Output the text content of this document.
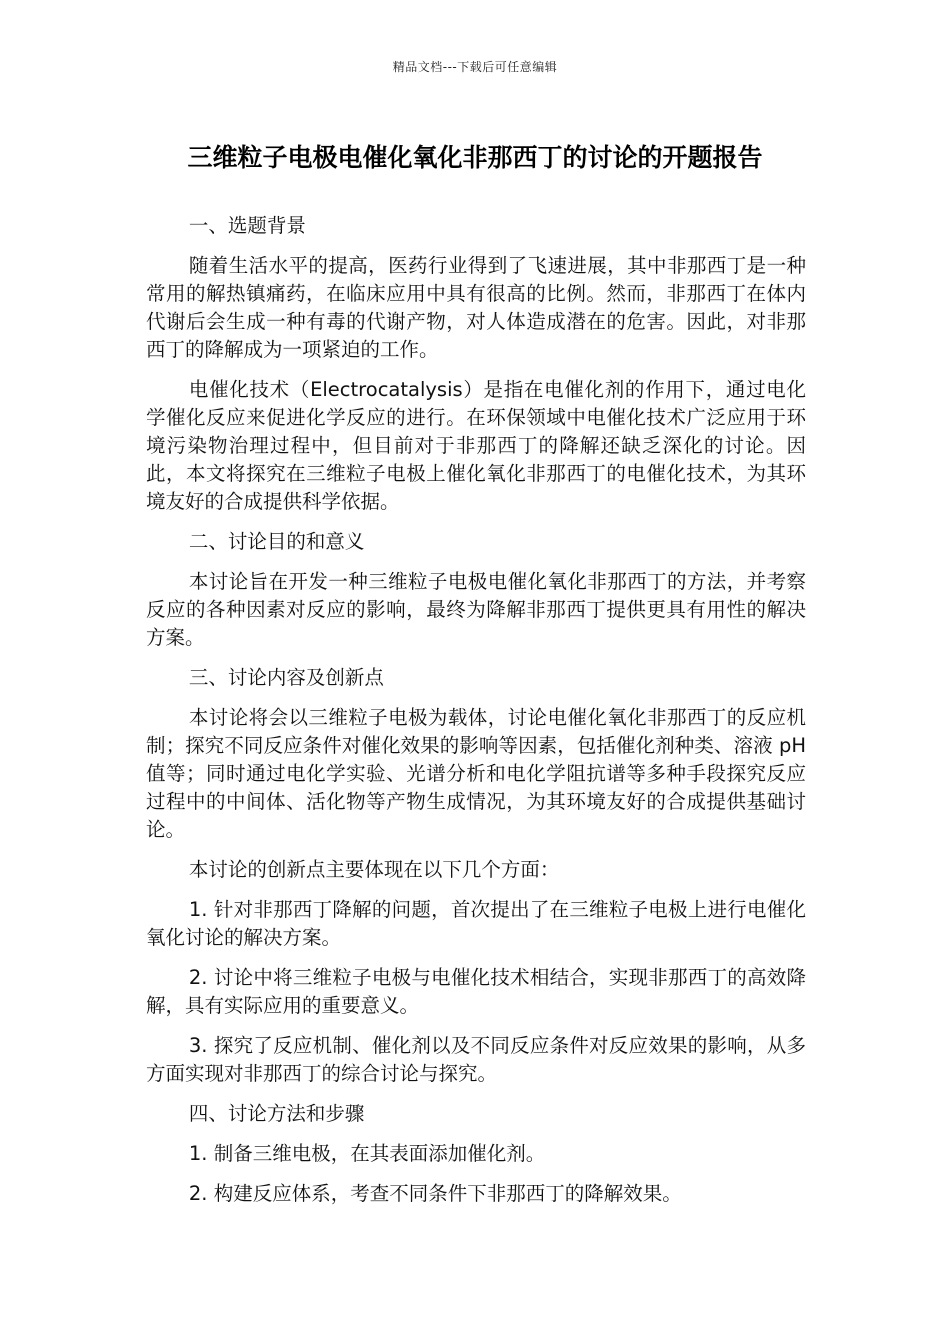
精品文档---下载后可任意编辑
三维粒子电极电催化氧化非那西丁的讨论的开题报告

一、选题背景

随着生活水平的提高，医药行业得到了飞速进展，其中非那西丁是一种常用的解热镇痛药，在临床应用中具有很高的比例。然而，非那西丁在体内代谢后会生成一种有毒的代谢产物，对人体造成潜在的危害。因此，对非那西丁的降解成为一项紧迫的工作。

电催化技术（Electrocatalysis）是指在电催化剂的作用下，通过电化学催化反应来促进化学反应的进行。在环保领域中电催化技术广泛应用于环境污染物治理过程中，但目前对于非那西丁的降解还缺乏深化的讨论。因此，本文将探究在三维粒子电极上催化氧化非那西丁的电催化技术，为其环境友好的合成提供科学依据。

二、讨论目的和意义

本讨论旨在开发一种三维粒子电极电催化氧化非那西丁的方法，并考察反应的各种因素对反应的影响，最终为降解非那西丁提供更具有用性的解决方案。

三、讨论内容及创新点

本讨论将会以三维粒子电极为载体，讨论电催化氧化非那西丁的反应机制；探究不同反应条件对催化效果的影响等因素，包括催化剂种类、溶液 pH 值等；同时通过电化学实验、光谱分析和电化学阻抗谱等多种手段探究反应过程中的中间体、活化物等产物生成情况，为其环境友好的合成提供基础讨论。

本讨论的创新点主要体现在以下几个方面：

1. 针对非那西丁降解的问题，首次提出了在三维粒子电极上进行电催化氧化讨论的解决方案。

2. 讨论中将三维粒子电极与电催化技术相结合，实现非那西丁的高效降解，具有实际应用的重要意义。

3. 探究了反应机制、催化剂以及不同反应条件对反应效果的影响，从多方面实现对非那西丁的综合讨论与探究。

四、讨论方法和步骤

1. 制备三维电极，在其表面添加催化剂。

2. 构建反应体系，考查不同条件下非那西丁的降解效果。
